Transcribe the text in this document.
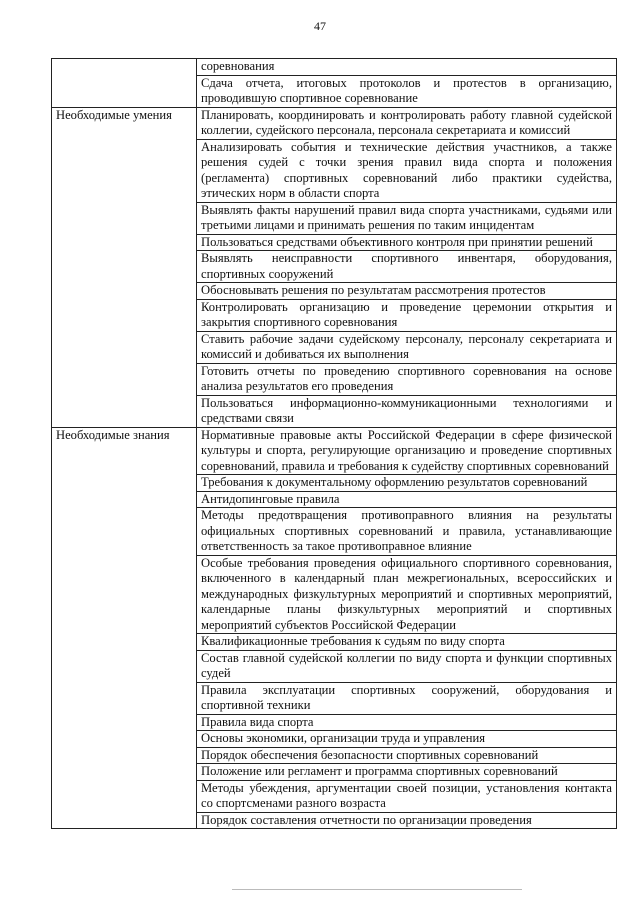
47
	соревнования
	Сдача отчета, итоговых протоколов и протестов в организацию, проводившую спортивное соревнование
Необходимые умения	Планировать, координировать и контролировать работу главной судейской коллегии, судейского персонала, персонала секретариата и комиссий
	Анализировать события и технические действия участников, а также решения судей с точки зрения правил вида спорта и положения (регламента) спортивных соревнований либо практики судейства, этических норм в области спорта
	Выявлять факты нарушений правил вида спорта участниками, судьями или третьими лицами и принимать решения по таким инцидентам
	Пользоваться средствами объективного контроля при принятии решений
	Выявлять неисправности спортивного инвентаря, оборудования, спортивных сооружений
	Обосновывать решения по результатам рассмотрения протестов
	Контролировать организацию и проведение церемонии открытия и закрытия спортивного соревнования
	Ставить рабочие задачи судейскому персоналу, персоналу секретариата и комиссий и добиваться их выполнения
	Готовить отчеты по проведению спортивного соревнования на основе анализа результатов его проведения
	Пользоваться информационно-коммуникационными технологиями и средствами связи
Необходимые знания	Нормативные правовые акты Российской Федерации в сфере физической культуры и спорта, регулирующие организацию и проведение спортивных соревнований, правила и требования к судейству спортивных соревнований
	Требования к документальному оформлению результатов соревнований
	Антидопинговые правила
	Методы предотвращения противоправного влияния на результаты официальных спортивных соревнований и правила, устанавливающие ответственность за такое противоправное влияние
	Особые требования проведения официального спортивного соревнования, включенного в календарный план межрегиональных, всероссийских и международных физкультурных мероприятий и спортивных мероприятий, календарные планы физкультурных мероприятий и спортивных мероприятий субъектов Российской Федерации
	Квалификационные требования к судьям по виду спорта
	Состав главной судейской коллегии по виду спорта и функции спортивных судей
	Правила эксплуатации спортивных сооружений, оборудования и спортивной техники
	Правила вида спорта
	Основы экономики, организации труда и управления
	Порядок обеспечения безопасности спортивных соревнований
	Положение или регламент и программа спортивных соревнований
	Методы убеждения, аргументации своей позиции, установления контакта со спортсменами разного возраста
	Порядок составления отчетности по организации проведения
